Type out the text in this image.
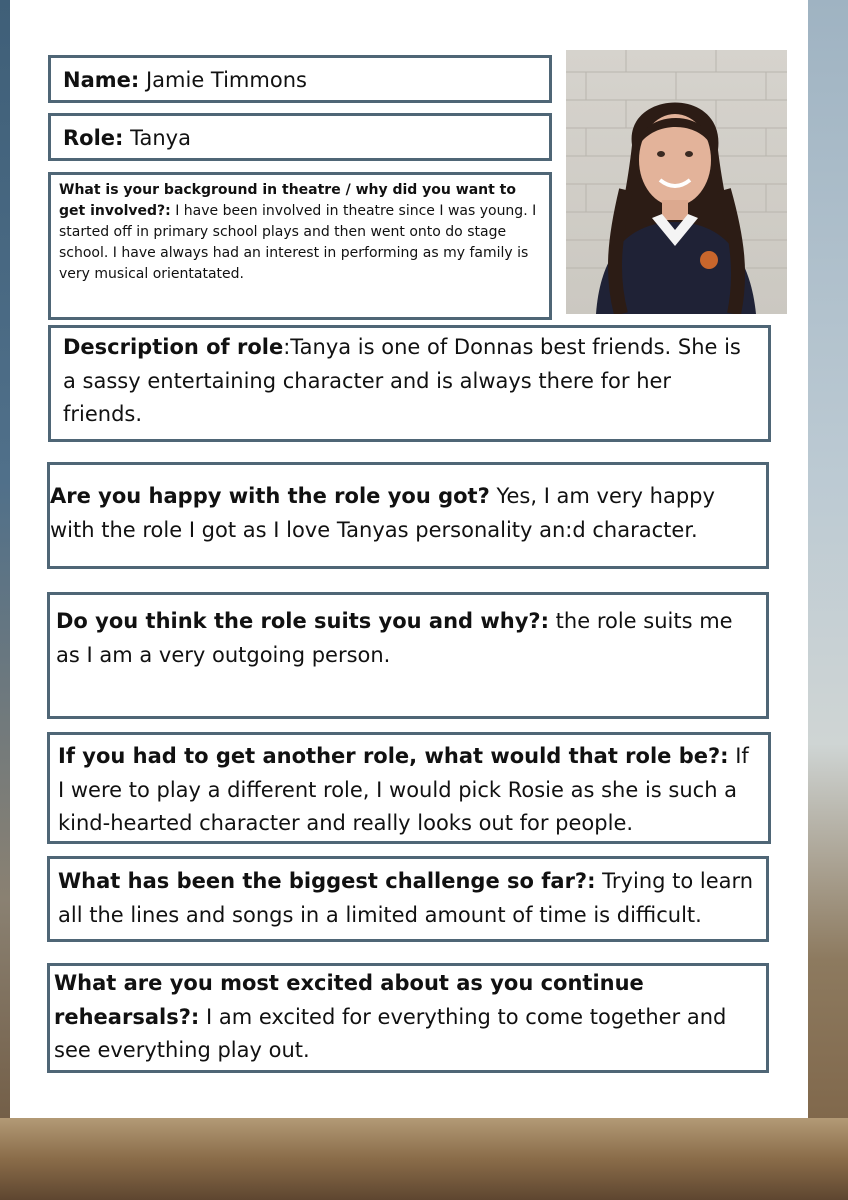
Name: Jamie Timmons
Role: Tanya
What is your background in theatre / why did you want to get involved?: I have been involved in theatre since I was young. I started off in primary school plays and then went onto do stage school. I have always had an interest in performing as my family is very musical orientatated.
Description of role:Tanya is one of Donnas best friends. She is a sassy entertaining character and is always there for her friends.
Are you happy with the role you got? Yes, I am very happy with the role I got as I love Tanyas personality an:d character.
Do you think the role suits you and why?: the role suits me as I am a very outgoing person.
If you had to get another role, what would that role be?: If I were to play a different role, I would pick Rosie as she is such a kind-hearted character and really looks out for people.
What has been the biggest challenge so far?: Trying to learn all the lines and songs in a limited amount of time is difficult.
What are you most excited about as you continue rehearsals?: I am excited for everything to come together and see everything play out.
